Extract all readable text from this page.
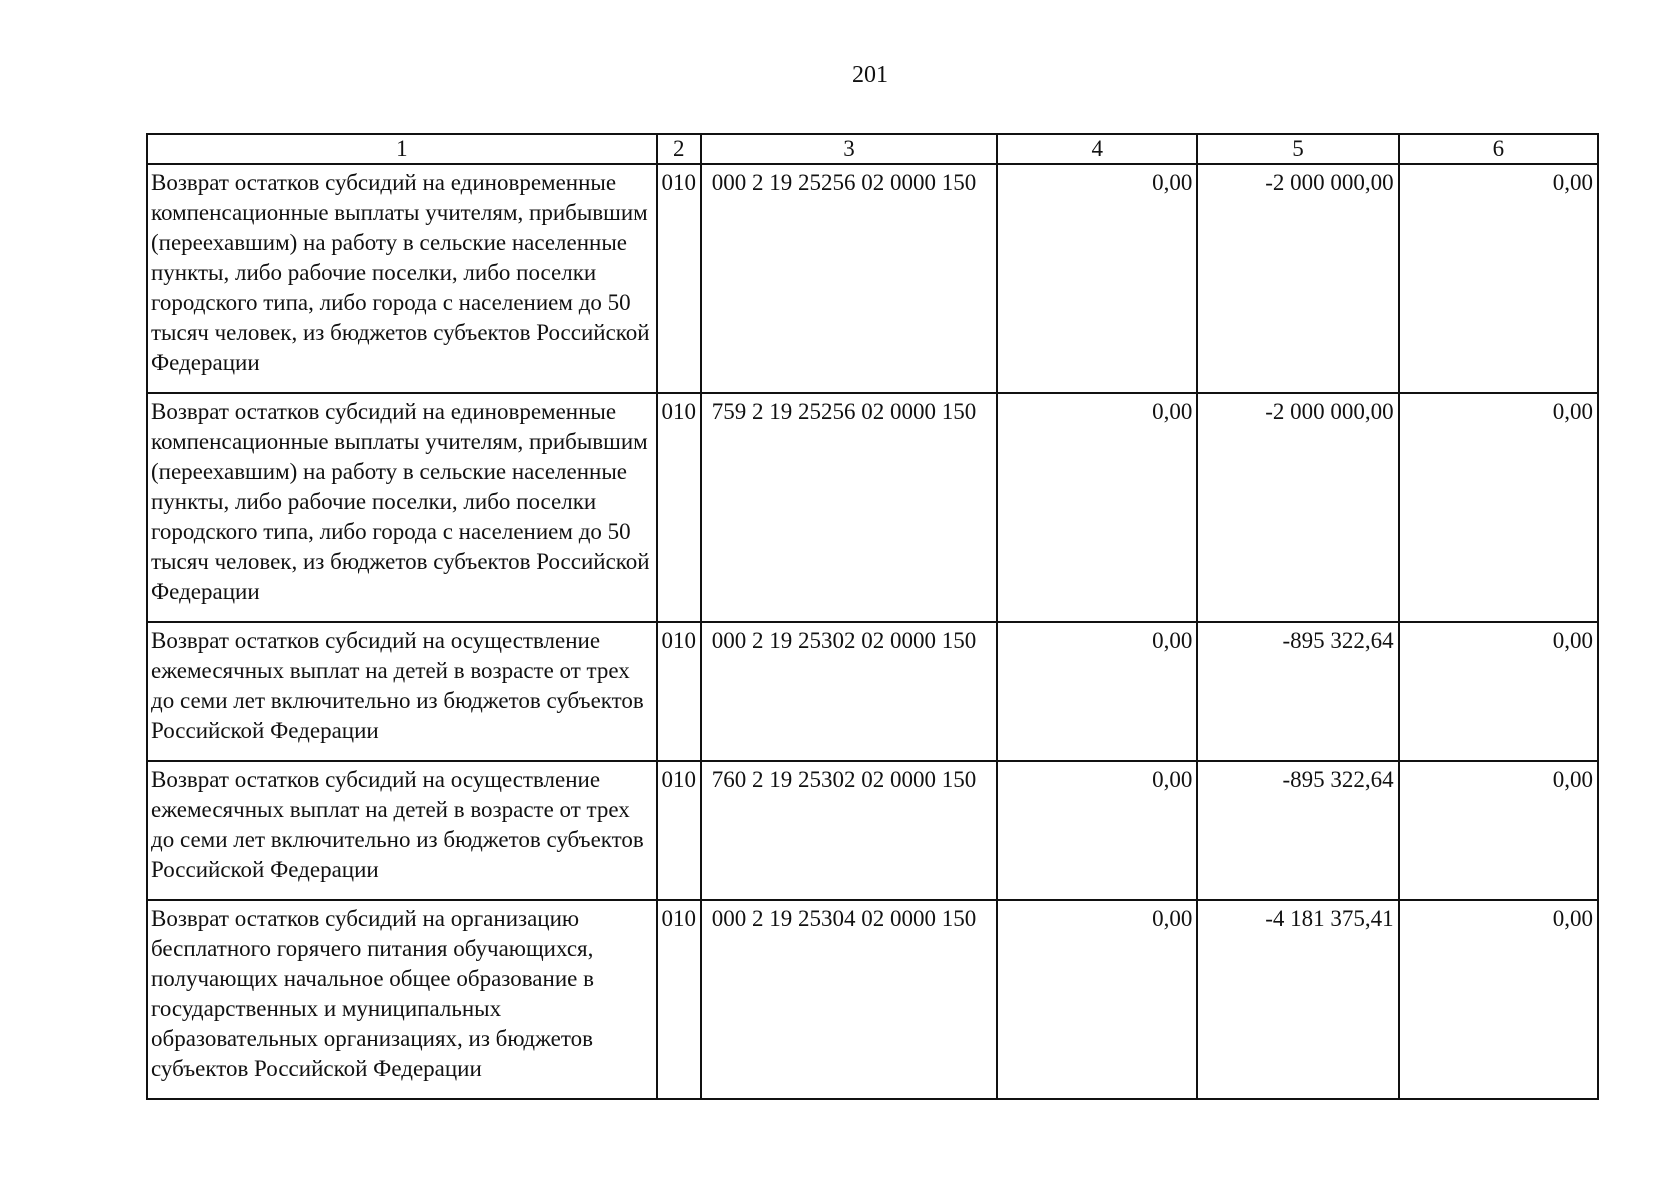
201
1	2	3	4	5	6
Возврат остатков субсидий на единовременные компенсационные выплаты учителям, прибывшим (переехавшим) на работу в сельские населенные пункты, либо рабочие поселки, либо поселки городского типа, либо города с населением до 50 тысяч человек, из бюджетов субъектов Российской Федерации	010	000 2 19 25256 02 0000 150	0,00	-2 000 000,00	0,00
Возврат остатков субсидий на единовременные компенсационные выплаты учителям, прибывшим (переехавшим) на работу в сельские населенные пункты, либо рабочие поселки, либо поселки городского типа, либо города с населением до 50 тысяч человек, из бюджетов субъектов Российской Федерации	010	759 2 19 25256 02 0000 150	0,00	-2 000 000,00	0,00
Возврат остатков субсидий на осуществление ежемесячных выплат на детей в возрасте от трех до семи лет включительно из бюджетов субъектов Российской Федерации	010	000 2 19 25302 02 0000 150	0,00	-895 322,64	0,00
Возврат остатков субсидий на осуществление ежемесячных выплат на детей в возрасте от трех до семи лет включительно из бюджетов субъектов Российской Федерации	010	760 2 19 25302 02 0000 150	0,00	-895 322,64	0,00
Возврат остатков субсидий на организацию бесплатного горячего питания обучающихся, получающих начальное общее образование в государственных и муниципальных образовательных организациях, из бюджетов субъектов Российской Федерации	010	000 2 19 25304 02 0000 150	0,00	-4 181 375,41	0,00
